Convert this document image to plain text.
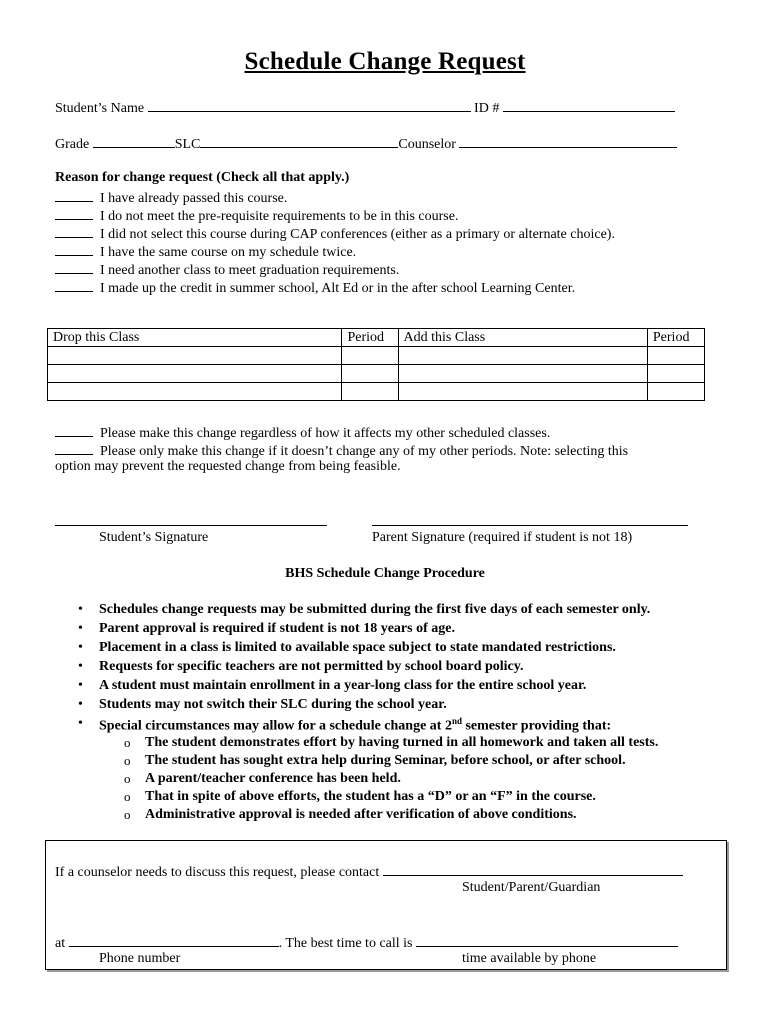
Schedule Change Request
Student’s Name	ID #
Grade	SLC	Counselor
Reason for change request (Check all that apply.)
I have already passed this course.
I do not meet the pre-requisite requirements to be in this course.
I did not select this course during CAP conferences (either as a primary or alternate choice).
I have the same course on my schedule twice.
I need another class to meet graduation requirements.
I made up the credit in summer school, Alt Ed or in the after school Learning Center.
Drop this Class	Period	Add this Class	Period

Please make this change regardless of how it affects my other scheduled classes.
Please only make this change if it doesn’t change any of my other periods. Note: selecting this
option may prevent the requested change from being feasible.
Student’s Signature	Parent Signature (required if student is not 18)
BHS Schedule Change Procedure
• Schedules change requests may be submitted during the first five days of each semester only.
• Parent approval is required if student is not 18 years of age.
• Placement in a class is limited to available space subject to state mandated restrictions.
• Requests for specific teachers are not permitted by school board policy.
• A student must maintain enrollment in a year-long class for the entire school year.
• Students may not switch their SLC during the school year.
• Special circumstances may allow for a schedule change at 2nd semester providing that:
o The student demonstrates effort by having turned in all homework and taken all tests.
o The student has sought extra help during Seminar, before school, or after school.
o A parent/teacher conference has been held.
o That in spite of above efforts, the student has a “D” or an “F” in the course.
o Administrative approval is needed after verification of above conditions.
If a counselor needs to discuss this request, please contact
Student/Parent/Guardian
at	. The best time to call is
Phone number	time available by phone
